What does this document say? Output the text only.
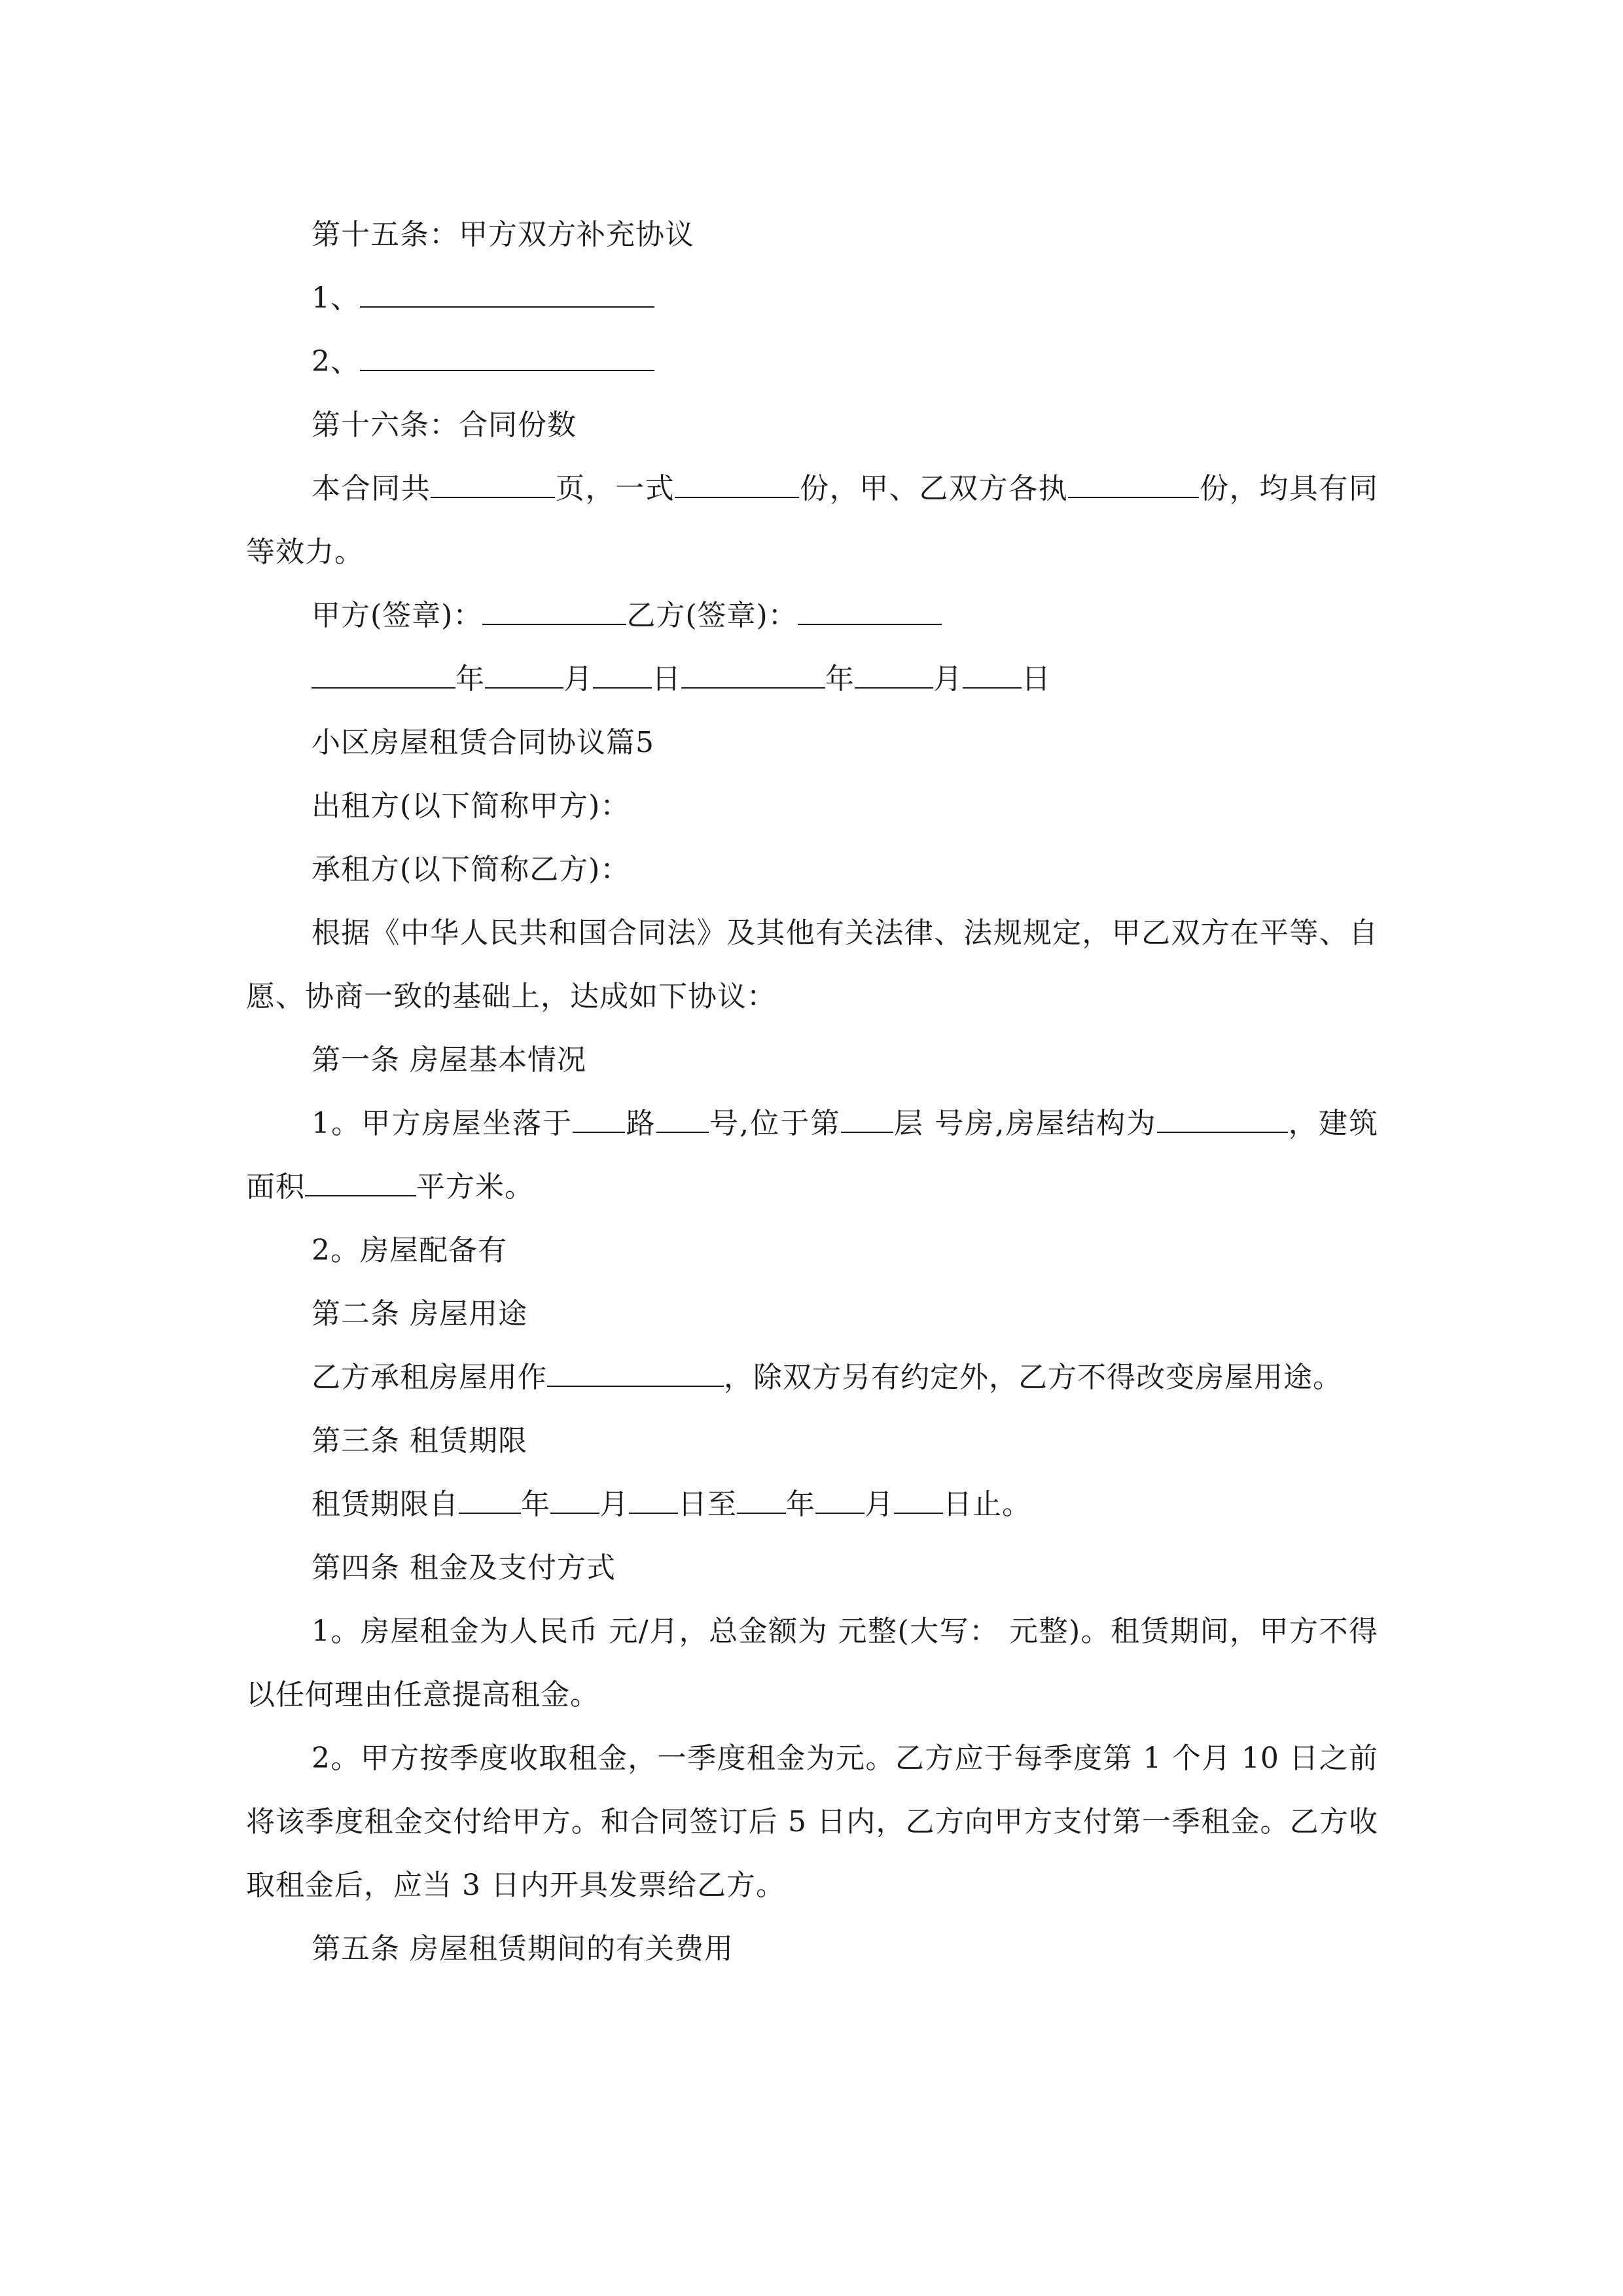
第十五条：甲方双方补充协议
1、
2、
第十六条：合同份数
本合同共	页，一式	份，甲、乙双方各执	份，均具有同等效力。
甲方(签章)：	乙方(签章)：
年	月 日	年	月 日
小区房屋租赁合同协议篇5
出租方(以下简称甲方)：
承租方(以下简称乙方)：
根据《中华人民共和国合同法》及其他有关法律、法规规定，甲乙双方在平等、自愿、协商一致的基础上，达成如下协议：
第一条 房屋基本情况
1。甲方房屋坐落于 路 号,位于第 层 号房,房屋结构为	，建筑面积	平方米。
2。房屋配备有
第二条 房屋用途
乙方承租房屋用作	，除双方另有约定外，乙方不得改变房屋用途。
第三条 租赁期限
租赁期限自 年 月 日至 年 月 日止。
第四条 租金及支付方式
1。房屋租金为人民币 元/月，总金额为 元整(大写： 元整)。租赁期间，甲方不得以任何理由任意提高租金。
2。甲方按季度收取租金，一季度租金为元。乙方应于每季度第 1 个月 10 日之前将该季度租金交付给甲方。和合同签订后 5 日内，乙方向甲方支付第一季租金。乙方收取租金后，应当 3 日内开具发票给乙方。
第五条 房屋租赁期间的有关费用
